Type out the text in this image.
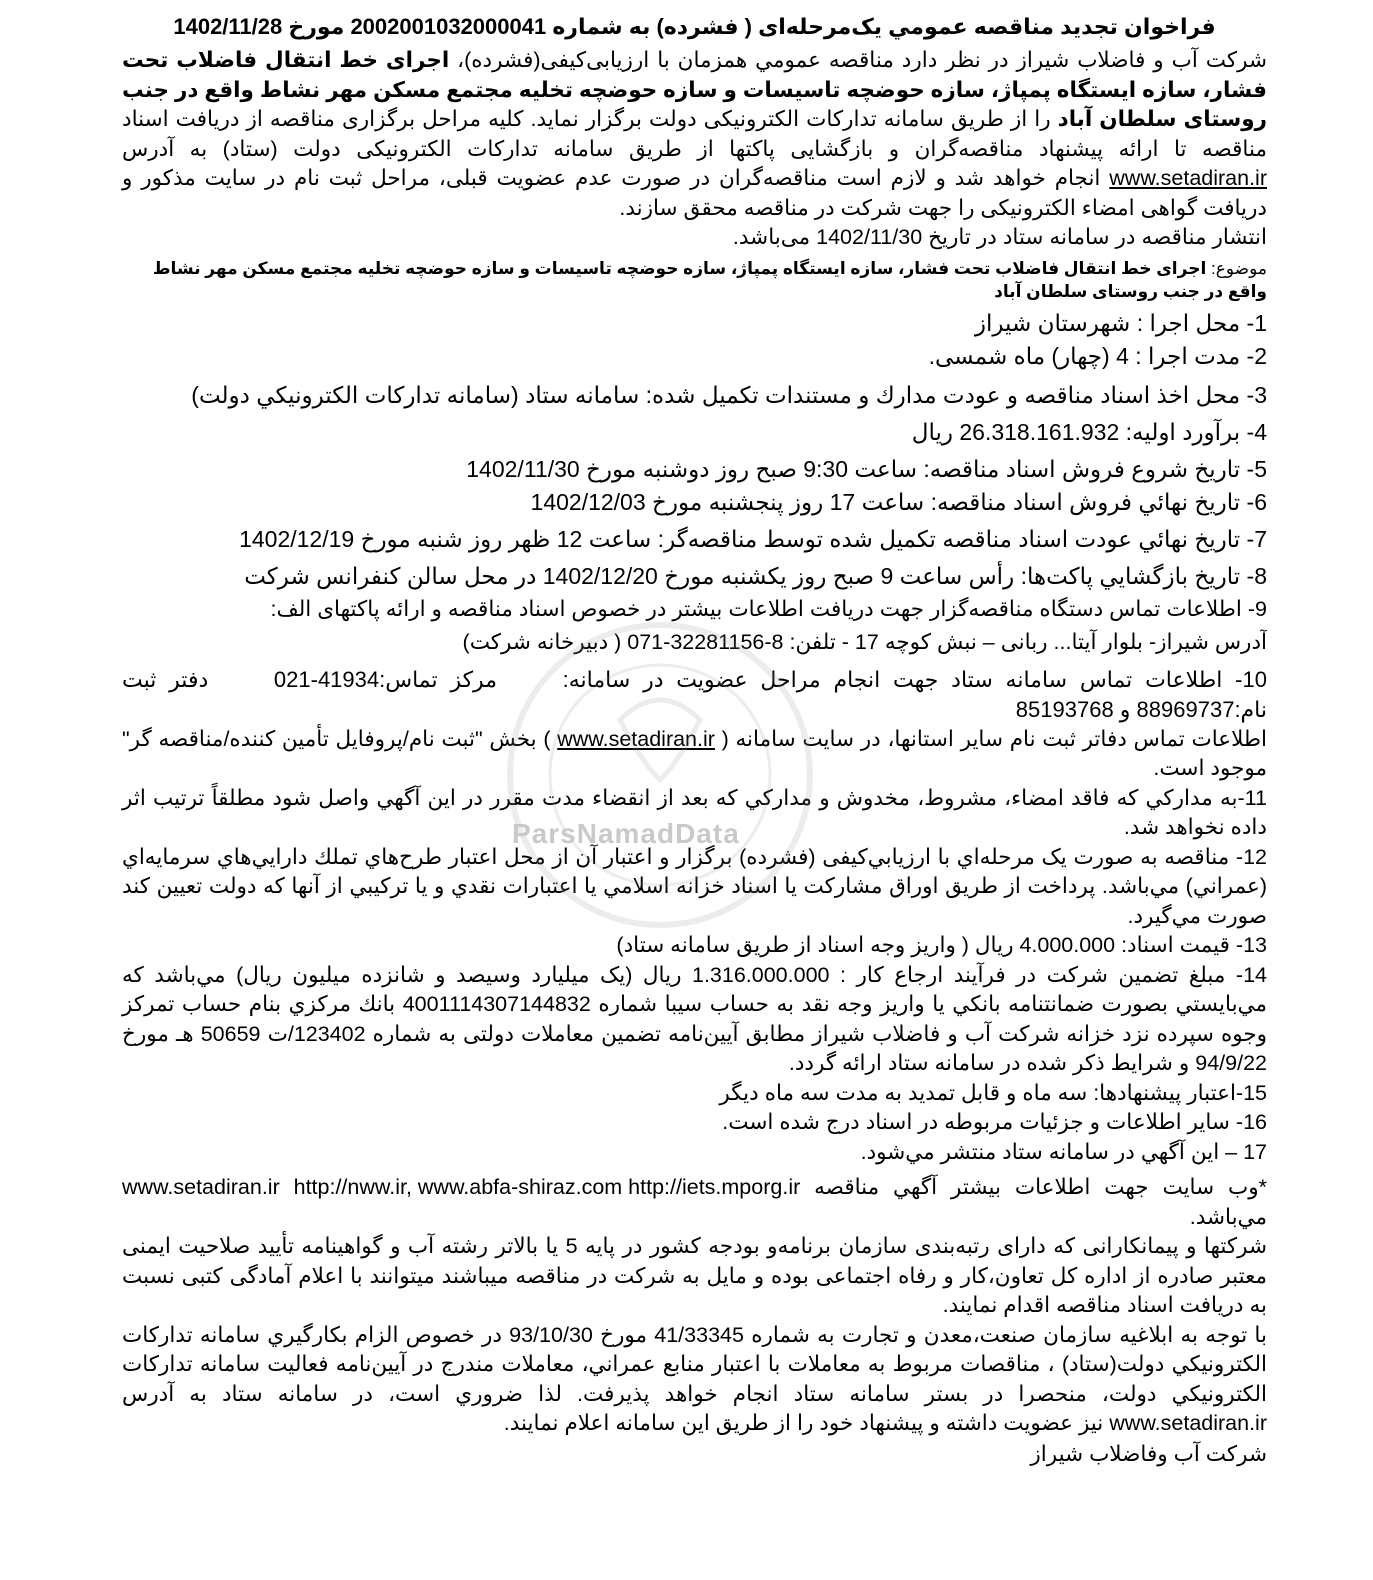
فراخوان تجديد مناقصه عمومي يک‌مرحله‌ای ( فشرده) به شماره 2002001032000041 مورخ 1402/11/28

شرکت آب و فاضلاب شیراز در نظر دارد مناقصه عمومي همزمان با ارزیابی‌کیفی(فشرده)، اجرای خط انتقال فاضلاب تحت فشار، سازه ایستگاه پمپاژ، سازه حوضچه تاسیسات و سازه حوضچه تخلیه مجتمع مسکن مهر نشاط واقع در جنب روستای سلطان آباد را از طریق سامانه تدارکات الکترونیکی دولت برگزار نماید. کلیه مراحل برگزاری مناقصه از دریافت اسناد مناقصه تا ارائه پیشنهاد مناقصه‌گران و بازگشایی پاکتها از طریق سامانه تدارکات الکترونیکی دولت (ستاد) به آدرس www.setadiran.ir انجام خواهد شد و لازم است مناقصه‌گران در صورت عدم عضویت قبلی، مراحل ثبت نام در سایت مذکور و دریافت گواهی امضاء الکترونیکی را جهت شرکت در مناقصه محقق سازند.

انتشار مناقصه در سامانه ستاد در تاریخ 1402/11/30 می‌باشد.

موضوع: اجرای خط انتقال فاضلاب تحت فشار، سازه ایستگاه پمپاژ، سازه حوضچه تاسیسات و سازه حوضچه تخلیه مجتمع مسکن مهر نشاط واقع در جنب روستای سلطان آباد
1- محل اجرا : شهرستان شیراز
2- مدت اجرا : 4 (چهار) ماه شمسی.
3- محل اخذ اسناد مناقصه و عودت مدارك و مستندات تكميل شده: سامانه ستاد (سامانه تداركات الكترونيكي دولت)
4- برآورد اولیه: 26.318.161.932 ریال
5- تاريخ شروع فروش اسناد مناقصه: ساعت 9:30 صبح روز دوشنبه مورخ 1402/11/30
6- تاريخ نهائي فروش اسناد مناقصه: ساعت 17 روز پنجشنبه مورخ 1402/12/03
7- تاريخ نهائي عودت اسناد مناقصه تكميل شده توسط مناقصه‌گر: ساعت 12 ظهر روز شنبه مورخ 1402/12/19
8- تاريخ بازگشايي پاكت‌ها: رأس ساعت 9 صبح روز یکشنبه مورخ 1402/12/20 در محل سالن کنفرانس شرکت
9- اطلاعات تماس دستگاه مناقصه‌گزار جهت دريافت اطلاعات بيشتر در خصوص اسناد مناقصه و ارائه پاکتهای الف:
آدرس شیراز- بلوار آیتا... ربانی – نبش کوچه 17 - تلفن: 8-32281156-071 ( دبیرخانه شرکت)
10- اطلاعات تماس سامانه ستاد جهت انجام مراحل عضويت در سامانه:  مرکز تماس:41934-021  دفتر ثبت نام:88969737 و 85193768

اطلاعات تماس دفاتر ثبت نام ساير استانها، در سايت سامانه ( www.setadiran.ir ) بخش "ثبت نام/پروفايل تأمين كننده/مناقصه گر" موجود است.

11-به مداركي كه فاقد امضاء، مشروط، مخدوش و مداركي كه بعد از انقضاء مدت مقرر در اين آگهي واصل شود مطلقاً ترتيب اثر داده نخواهد شد.

12- مناقصه به صورت يک مرحله‌اي با ارزيابي‌کيفی (فشرده) برگزار و اعتبار آن از محل اعتبار طرح‌هاي تملك دارايي‌هاي سرمايه‌اي (عمراني) مي‌باشد. پرداخت از طريق اوراق مشاركت يا اسناد خزانه اسلامي يا اعتبارات نقدي و يا تركيبي از آنها كه دولت تعيين كند صورت مي‌گيرد.

13- قیمت اسناد: 4.000.000 ریال ( واريز وجه اسناد از طريق سامانه ستاد)

14- مبلغ تضمین شرکت در فرآیند ارجاع کار : 1.316.000.000 ريال (يک ميليارد وسيصد و شانزده ميليون ريال) مي‌باشد كه مي‌بايستي بصورت ضمانتنامه بانكي يا واريز وجه نقد به حساب سيبا شماره 4001114307144832 بانك مركزي بنام حساب تمركز وجوه سپرده نزد خزانه شركت آب و فاضلاب شيراز مطابق آيين‌نامه تضمين معاملات دولتی به شماره 123402/ت 50659 هـ مورخ 94/9/22 و شرايط ذكر شده در سامانه ستاد ارائه گردد.

15-اعتبار پيشنهادها: سه ماه و قابل تمدید به مدت سه ماه دیگر

16- ساير اطلاعات و جزئيات مربوطه در اسناد درج شده است.

17 – اين آگهي در سامانه ستاد منتشر مي‌شود.

*وب سايت جهت اطلاعات بيشتر آگهي مناقصه http://nww.ir, www.abfa-shiraz.com http://iets.mporg.ir www.setadiran.ir مي‌باشد.

شرکتها و پیمانکارانی که دارای رتبه‌بندی سازمان برنامه‌و بودجه کشور در پایه 5 یا بالاتر رشته آب و گواهینامه تأیید صلاحیت ایمنی معتبر صادره از اداره کل تعاون،کار و رفاه اجتماعی بوده و مایل به شرکت در مناقصه میباشند میتوانند با اعلام آمادگی کتبی نسبت به دریافت اسناد مناقصه اقدام نمایند.

با توجه به ابلاغیه سازمان صنعت،معدن و تجارت به شماره 41/33345 مورخ 93/10/30 در خصوص الزام بکارگیري سامانه تدارکات الکترونیکي دولت(ستاد) ، مناقصات مربوط به معاملات با اعتبار منابع عمراني، معاملات مندرج در آیین‌نامه فعالیت سامانه تدارکات الکترونیکي دولت، منحصرا در بستر سامانه ستاد انجام خواهد پذیرفت. لذا ضروري است، در سامانه ستاد به آدرس www.setadiran.ir نیز عضویت داشته و پیشنهاد خود را از طریق این سامانه اعلام نمایند.

شرکت آب وفاضلاب شیراز
ParsNamadData
